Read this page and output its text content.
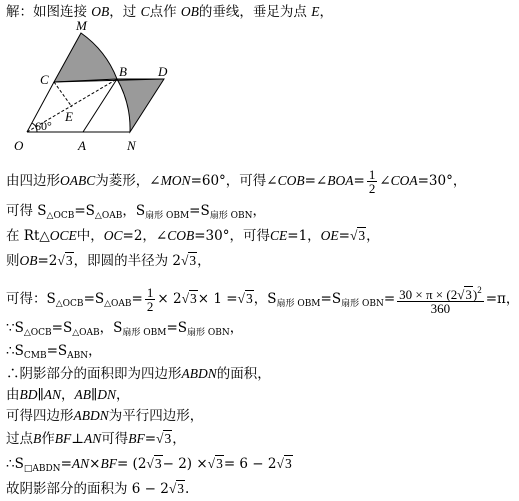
解：如图连接 OB，过 C点作 OB的垂线，垂足为点 E，
M
C
B D
E
O	A	N
60°
由四边形OABC为菱形，∠MON=60°，可得∠COB=∠BOA= $\frac{1}{2}$ ∠COA=30°，
可得 $S_{\triangle OCB}=S_{\triangle OAB}$，$S_{扇形 OBM}=S_{扇形 OBN}$，
在 Rt△OCE中，OC=2，∠COB=30°，可得CE=1，OE=√3，
则OB=2√3，即圆的半径为 2√3，
可得：$S_{\triangle OCB}=S_{\triangle OAB}= \frac{1}{2} \times 2√3\times 1 =√3$，$S_{扇形 OBM}=S_{扇形 OBN}= \frac{30 \times \pi \times (2√3)^2}{360} =\pi$，
$\because S_{\triangle OCB}=S_{\triangle OAB}$，$S_{扇形 OBM}=S_{扇形 OBN}$，
$\therefore S_{CMB}=S_{ABN}$，
∴阴影部分的面积即为四边形ABDN的面积，
由BD∥AN，AB∥DN，
可得四边形ABDN为平行四边形，
过点B作BF⊥AN可得BF=√3，
$\therefore S_{□ABDN}=AN\times BF= (2√3- 2) \times√3= 6 - 2√3$
故阴影部分的面积为 6 − 2√3.
